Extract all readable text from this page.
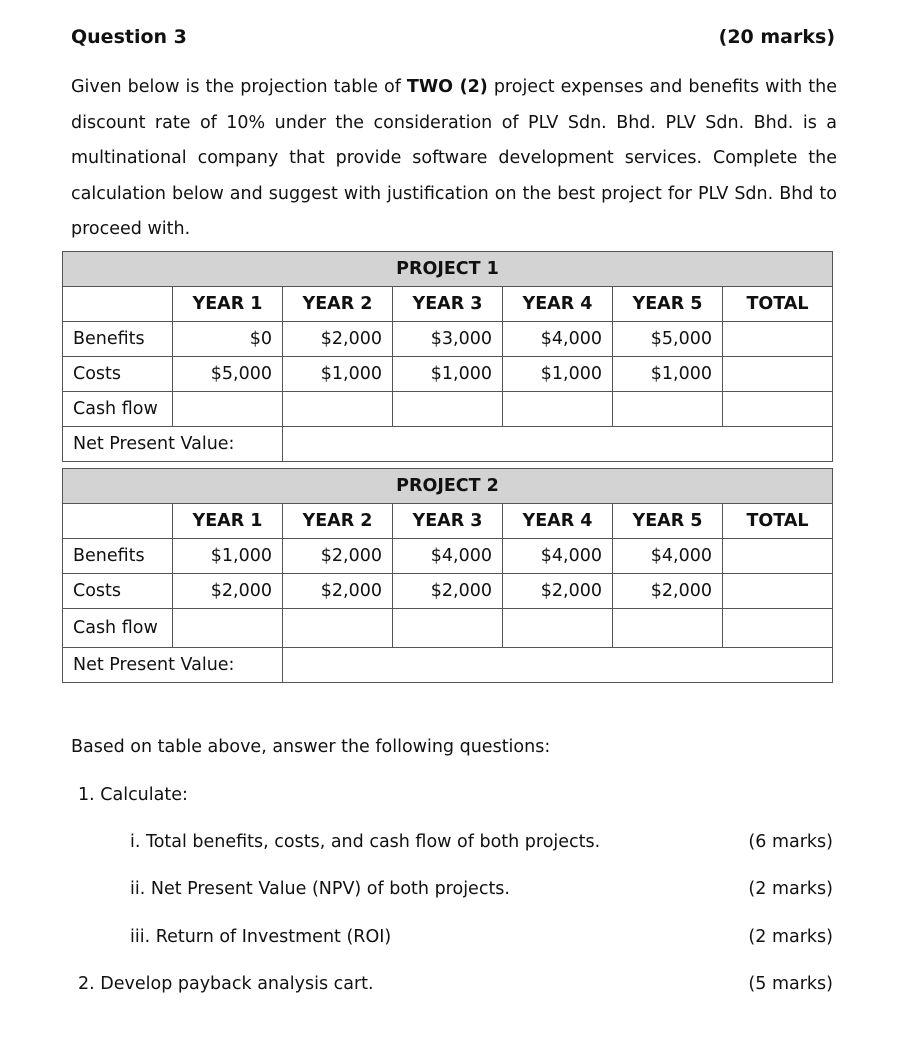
Question 3	(20 marks)
Given below is the projection table of TWO (2) project expenses and benefits with the
discount rate of 10% under the consideration of PLV Sdn. Bhd. PLV Sdn. Bhd. is a
multinational company that provide software development services. Complete the
calculation below and suggest with justification on the best project for PLV Sdn. Bhd to
proceed with.
PROJECT 1						
	YEAR 1	YEAR 2	YEAR 3	YEAR 4	YEAR 5	TOTAL
Benefits	$0	$2,000	$3,000	$4,000	$5,000	
Costs	$5,000	$1,000	$1,000	$1,000	$1,000	
Cash flow						
Net Present Value:						
PROJECT 2						
	YEAR 1	YEAR 2	YEAR 3	YEAR 4	YEAR 5	TOTAL
Benefits	$1,000	$2,000	$4,000	$4,000	$4,000	
Costs	$2,000	$2,000	$2,000	$2,000	$2,000	
Cash flow						
Net Present Value:						
Based on table above, answer the following questions:
1. Calculate:
i. Total benefits, costs, and cash flow of both projects.	(6 marks)
ii. Net Present Value (NPV) of both projects.	(2 marks)
iii. Return of Investment (ROI)	(2 marks)
2. Develop payback analysis cart.	(5 marks)
